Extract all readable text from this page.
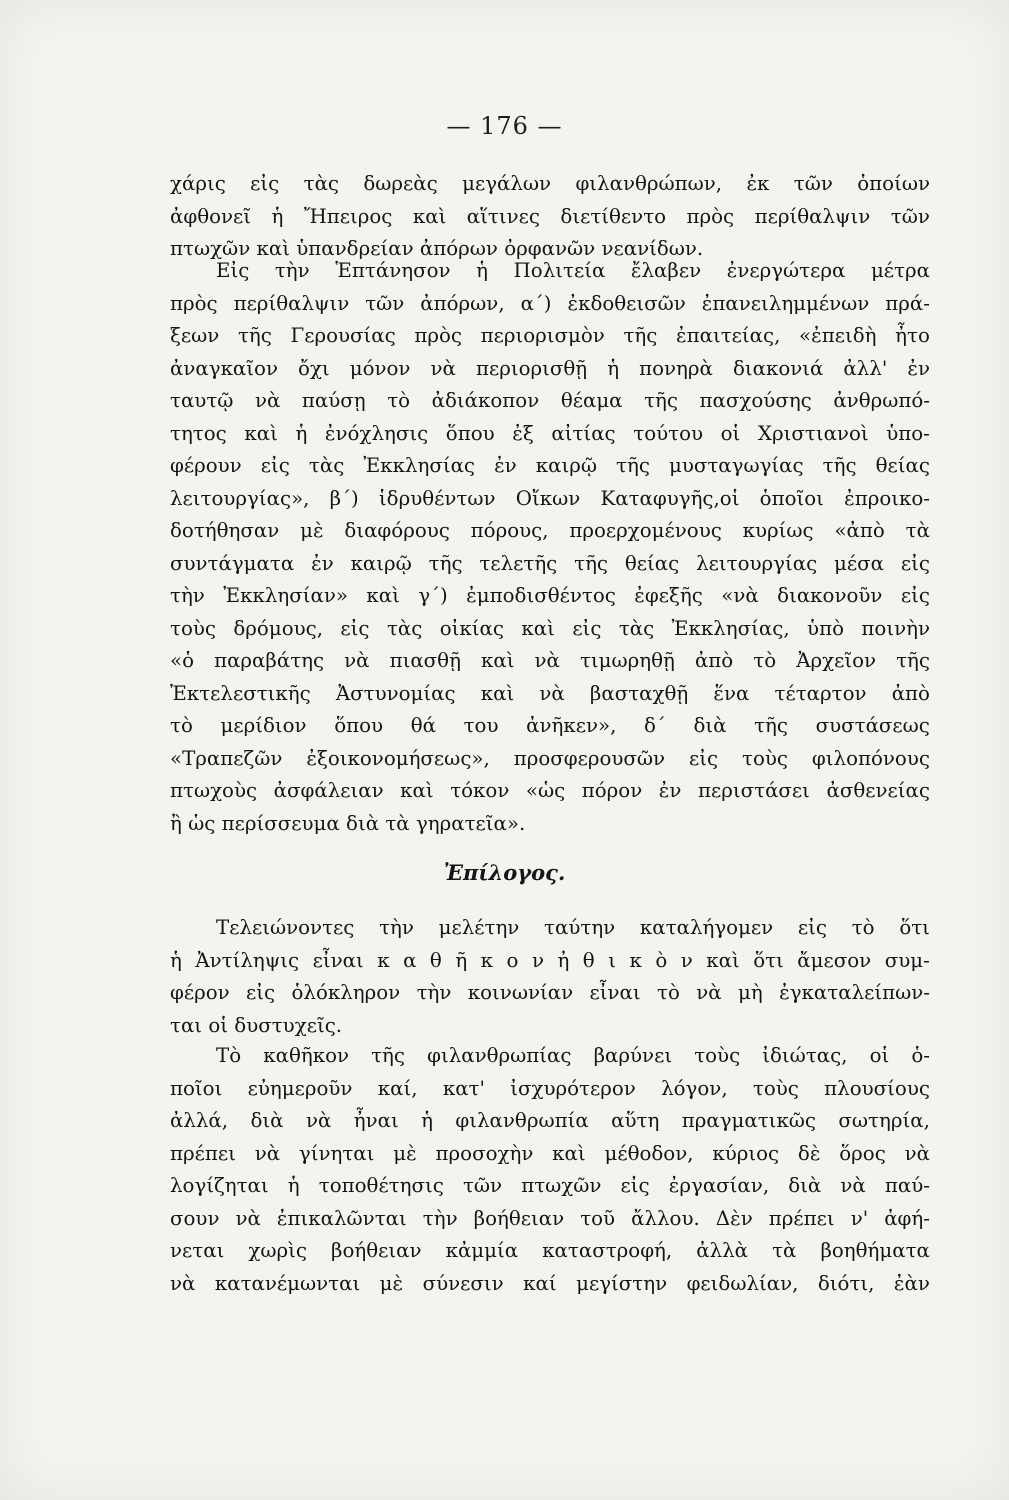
— 176 —
χάρις εἰς τὰς δωρεὰς μεγάλων φιλανθρώπων, ἐκ τῶν ὁποίων
ἀφθονεῖ ἡ Ἤπειρος καὶ αἵτινες διετίθεντο πρὸς περίθαλψιν τῶν
πτωχῶν καὶ ὑπανδρείαν ἀπόρων ὀρφανῶν νεανίδων.
Εἰς τὴν Ἑπτάνησον ἡ Πολιτεία ἔλαβεν ἐνεργώτερα μέτρα
πρὸς περίθαλψιν τῶν ἀπόρων, α΄) ἐκδοθεισῶν ἐπανειλημμένων πρά-
ξεων τῆς Γερουσίας πρὸς περιορισμὸν τῆς ἐπαιτείας, «ἐπειδὴ ἦτο
ἀναγκαῖον ὄχι μόνον νὰ περιορισθῇ ἡ πονηρὰ διακονιά ἀλλ' ἐν
ταυτῷ νὰ παύσῃ τὸ ἀδιάκοπον θέαμα τῆς πασχούσης ἀνθρωπό-
τητος καὶ ἡ ἐνόχλησις ὅπου ἐξ αἰτίας τούτου οἱ Χριστιανοὶ ὑπο-
φέρουν εἰς τὰς Ἐκκλησίας ἐν καιρῷ τῆς μυσταγωγίας τῆς θείας
λειτουργίας», β΄) ἱδρυθέντων Οἴκων Καταφυγῆς,οἱ ὁποῖοι ἐπροικο-
δοτήθησαν μὲ διαφόρους πόρους, προερχομένους κυρίως «ἀπὸ τὰ
συντάγματα ἐν καιρῷ τῆς τελετῆς τῆς θείας λειτουργίας μέσα εἰς
τὴν Ἐκκλησίαν» καὶ γ΄) ἐμποδισθέντος ἐφεξῆς «νὰ διακονοῦν εἰς
τοὺς δρόμους, εἰς τὰς οἰκίας καὶ εἰς τὰς Ἐκκλησίας, ὑπὸ ποινὴν
«ὁ παραβάτης νὰ πιασθῇ καὶ νὰ τιμωρηθῇ ἀπὸ τὸ Ἀρχεῖον τῆς
Ἐκτελεστικῆς Ἀστυνομίας καὶ νὰ βασταχθῇ ἕνα τέταρτον ἀπὸ
τὸ μερίδιον ὅπου θά του ἀνῆκεν», δ΄ διὰ τῆς συστάσεως
«Τραπεζῶν ἐξοικονομήσεως», προσφερουσῶν εἰς τοὺς φιλοπόνους
πτωχοὺς ἀσφάλειαν καὶ τόκον «ὡς πόρον ἐν περιστάσει ἀσθενείας
ἢ ὡς περίσσευμα διὰ τὰ γηρατεῖα».
Ἐπίλογος.
Τελειώνοντες τὴν μελέτην ταύτην καταλήγομεν εἰς τὸ ὅτι
ἡ Ἀντίληψις εἶναι κ α θ ῆ κ ο ν ἠ θ ι κ ὸ ν καὶ ὅτι ἄμεσον συμ-
φέρον εἰς ὁλόκληρον τὴν κοινωνίαν εἶναι τὸ νὰ μὴ ἐγκαταλείπων-
ται οἱ δυστυχεῖς.
Τὸ καθῆκον τῆς φιλανθρωπίας βαρύνει τοὺς ἰδιώτας, οἱ ὁ-
ποῖοι εὐημεροῦν καί, κατ' ἰσχυρότερον λόγον, τοὺς πλουσίους
ἀλλά, διὰ νὰ ἦναι ἡ φιλανθρωπία αὕτη πραγματικῶς σωτηρία,
πρέπει νὰ γίνηται μὲ προσοχὴν καὶ μέθοδον, κύριος δὲ ὅρος νὰ
λογίζηται ἡ τοποθέτησις τῶν πτωχῶν εἰς ἐργασίαν, διὰ νὰ παύ-
σουν νὰ ἐπικαλῶνται τὴν βοήθειαν τοῦ ἄλλου. Δὲν πρέπει ν' ἀφή-
νεται χωρὶς βοήθειαν κἀμμία καταστροφή, ἀλλὰ τὰ βοηθήματα
νὰ κατανέμωνται μὲ σύνεσιν καί μεγίστην φειδωλίαν, διότι, ἐὰν
